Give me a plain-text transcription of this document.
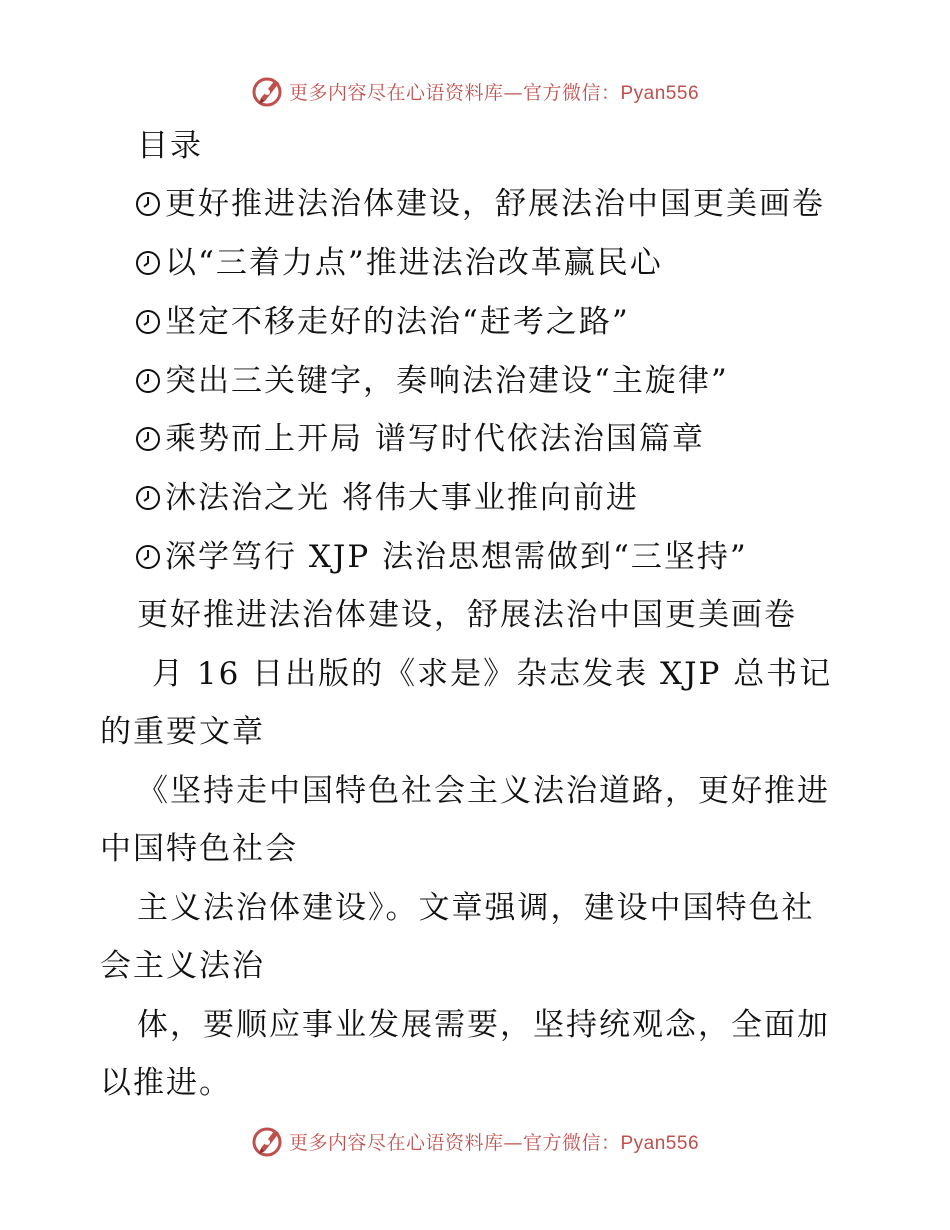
更多内容尽在心语资料库—官方微信：Pyan556
目录
更好推进法治体建设，舒展法治中国更美画卷
以“三着力点”推进法治改革赢民心
坚定不移走好的法治“赶考之路”
突出三关键字，奏响法治建设“主旋律”
乘势而上开局 谱写时代依法治国篇章
沐法治之光 将伟大事业推向前进
深学笃行 XJP 法治思想需做到“三坚持”
更好推进法治体建设，舒展法治中国更美画卷
月 16 日出版的《求是》杂志发表 XJP 总书记
的重要文章
《坚持走中国特色社会主义法治道路，更好推进
中国特色社会
主义法治体建设》。文章强调，建设中国特色社
会主义法治
体，要顺应事业发展需要，坚持统观念，全面加
以推进。
更多内容尽在心语资料库—官方微信：Pyan556
